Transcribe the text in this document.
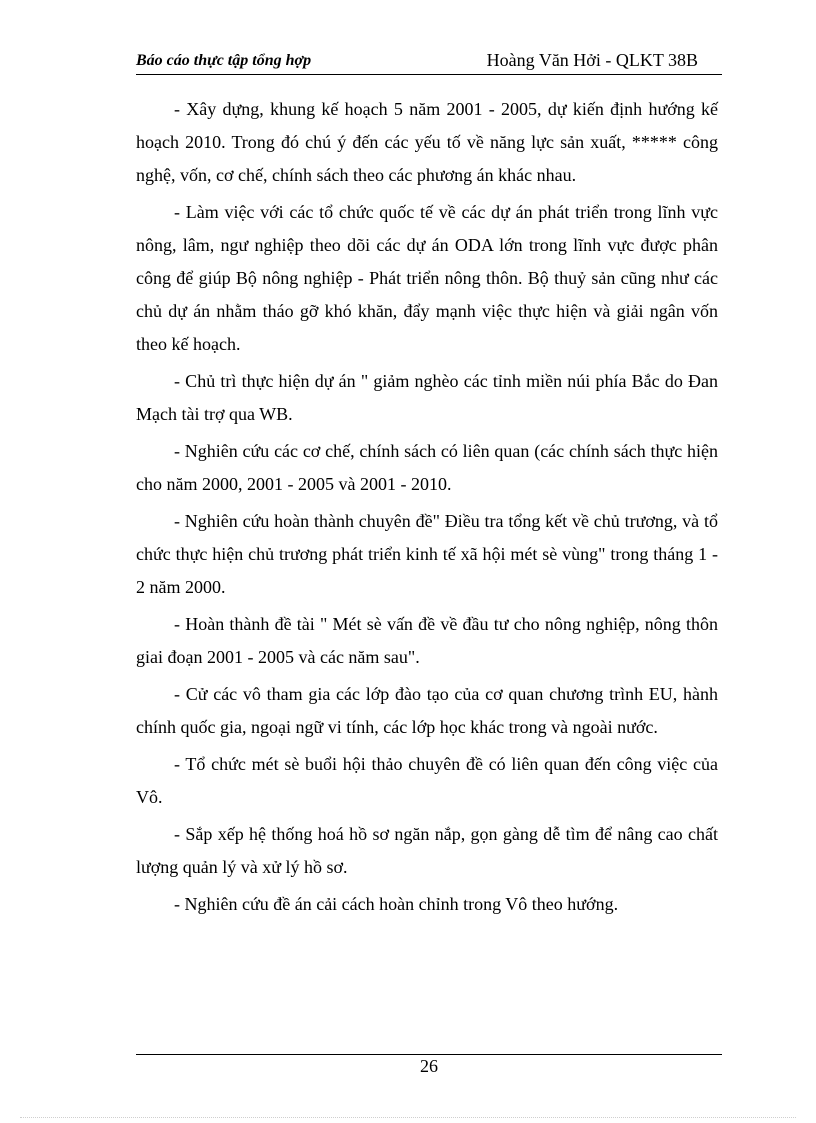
Báo cáo thực tập tổng hợp	Hoàng Văn Hởi - QLKT 38B

- Xây dựng, khung kế hoạch 5 năm 2001 - 2005, dự kiến định hướng kế hoạch 2010. Trong đó chú ý đến các yếu tố về năng lực sản xuất, ***** công nghệ, vốn, cơ chế, chính sách theo các phương án khác nhau.

- Làm việc với các tổ chức quốc tế về các dự án phát triển trong lĩnh vực nông, lâm, ngư nghiệp theo dõi các dự án ODA lớn trong lĩnh vực được phân công để giúp Bộ nông nghiệp - Phát triển nông thôn. Bộ thuỷ sản cũng như các chủ dự án nhằm tháo gỡ khó khăn, đẩy mạnh việc thực hiện và giải ngân vốn theo kế hoạch.

- Chủ trì thực hiện dự án " giảm nghèo các tỉnh miền núi phía Bắc do Đan Mạch tài trợ qua WB.

- Nghiên cứu các cơ chế, chính sách có liên quan (các chính sách thực hiện cho năm 2000, 2001 - 2005 và 2001 - 2010.

- Nghiên cứu hoàn thành chuyên đề" Điều tra tổng kết về chủ trương, và tổ chức thực hiện chủ trương phát triển kinh tế xã hội mét sè vùng" trong tháng 1 - 2 năm 2000.

- Hoàn thành đề tài " Mét sè vấn đề về đầu tư cho nông nghiệp, nông thôn giai đoạn 2001 - 2005 và các năm sau".

- Cử các vô tham gia các lớp đào tạo của cơ quan chương trình EU, hành chính quốc gia, ngoại ngữ vi tính, các lớp học khác trong và ngoài nước.

- Tổ chức mét sè buổi hội thảo chuyên đề có liên quan đến công việc của Vô.

- Sắp xếp hệ thống hoá hồ sơ ngăn nắp, gọn gàng dễ tìm để nâng cao chất lượng quản lý và xử lý hồ sơ.

- Nghiên cứu đề án cải cách hoàn chỉnh trong Vô theo hướng.

26
